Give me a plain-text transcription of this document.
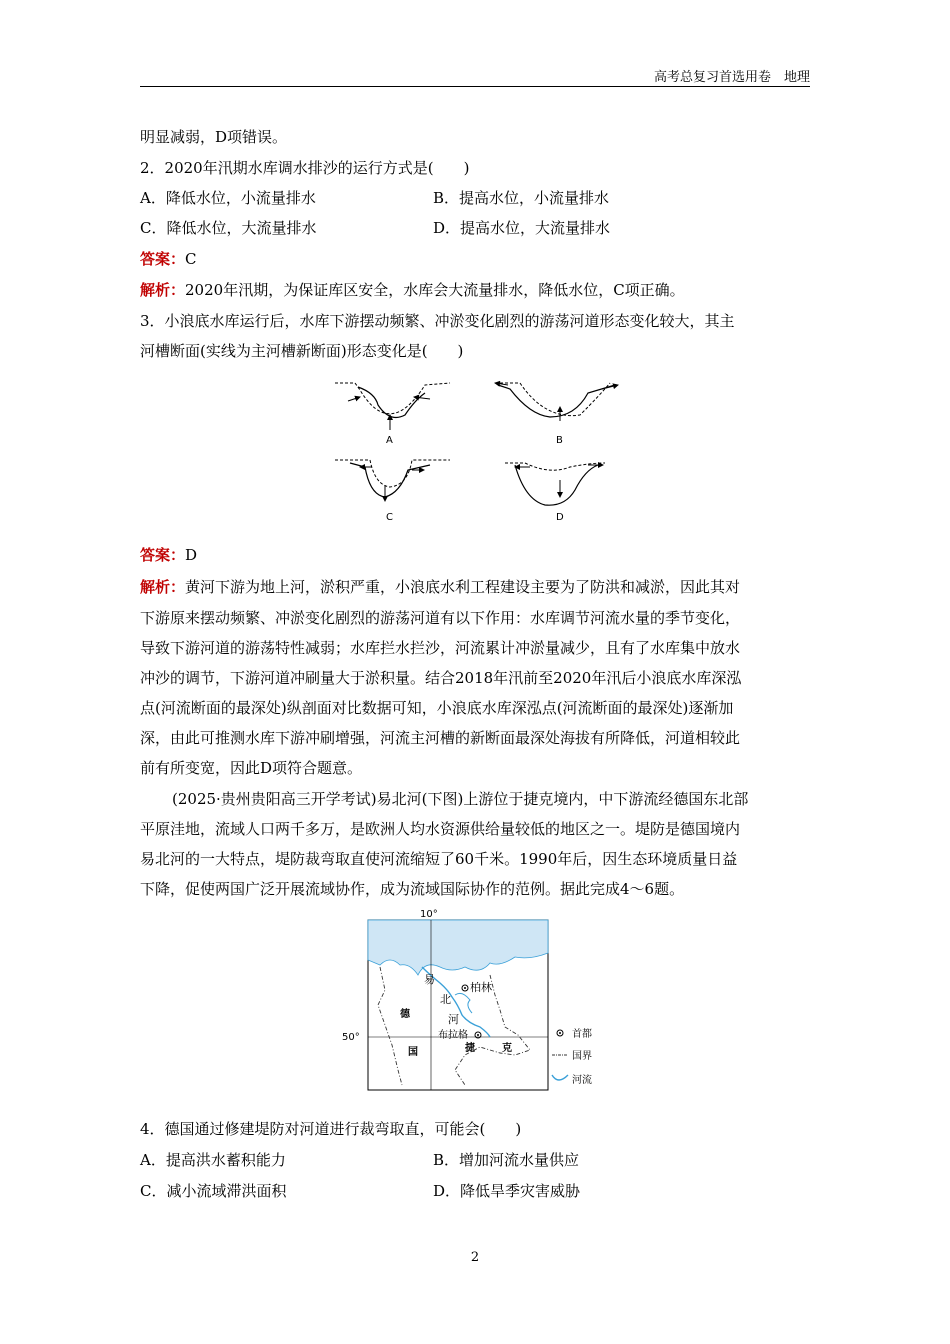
高考总复习首选用卷　地理
明显减弱，D项错误。
2．2020年汛期水库调水排沙的运行方式是(　　)
A．降低水位，小流量排水	B．提高水位，小流量排水
C．降低水位，大流量排水	D．提高水位，大流量排水
答案：C
解析：2020年汛期，为保证库区安全，水库会大流量排水，降低水位，C项正确。
3．小浪底水库运行后，水库下游摆动频繁、冲淤变化剧烈的游荡河道形态变化较大，其主
河槽断面(实线为主河槽新断面)形态变化是(　　)
A	B
C	D
答案：D
解析：黄河下游为地上河，淤积严重，小浪底水利工程建设主要为了防洪和减淤，因此其对
下游原来摆动频繁、冲淤变化剧烈的游荡河道有以下作用：水库调节河流水量的季节变化，
导致下游河道的游荡特性减弱；水库拦水拦沙，河流累计冲淤量减少，且有了水库集中放水
冲沙的调节，下游河道冲刷量大于淤积量。结合2018年汛前至2020年汛后小浪底水库深泓
点(河流断面的最深处)纵剖面对比数据可知，小浪底水库深泓点(河流断面的最深处)逐渐加
深，由此可推测水库下游冲刷增强，河流主河槽的新断面最深处海拔有所降低，河道相较此
前有所变宽，因此D项符合题意。
(2025·贵州贵阳高三开学考试)易北河(下图)上游位于捷克境内，中下游流经德国东北部
平原洼地，流域人口两千多万，是欧洲人均水资源供给量较低的地区之一。堤防是德国境内
易北河的一大特点，堤防裁弯取直使河流缩短了60千米。1990年后，因生态环境质量日益
下降，促使两国广泛开展流域协作，成为流域国际协作的范例。据此完成4～6题。
10°
50°
柏林
易
北
河
德
国
布拉格
捷	克
首都
国界
河流
4．德国通过修建堤防对河道进行裁弯取直，可能会(　　)
A．提高洪水蓄积能力	B．增加河流水量供应
C．减小流域滞洪面积	D．降低旱季灾害威胁
2
